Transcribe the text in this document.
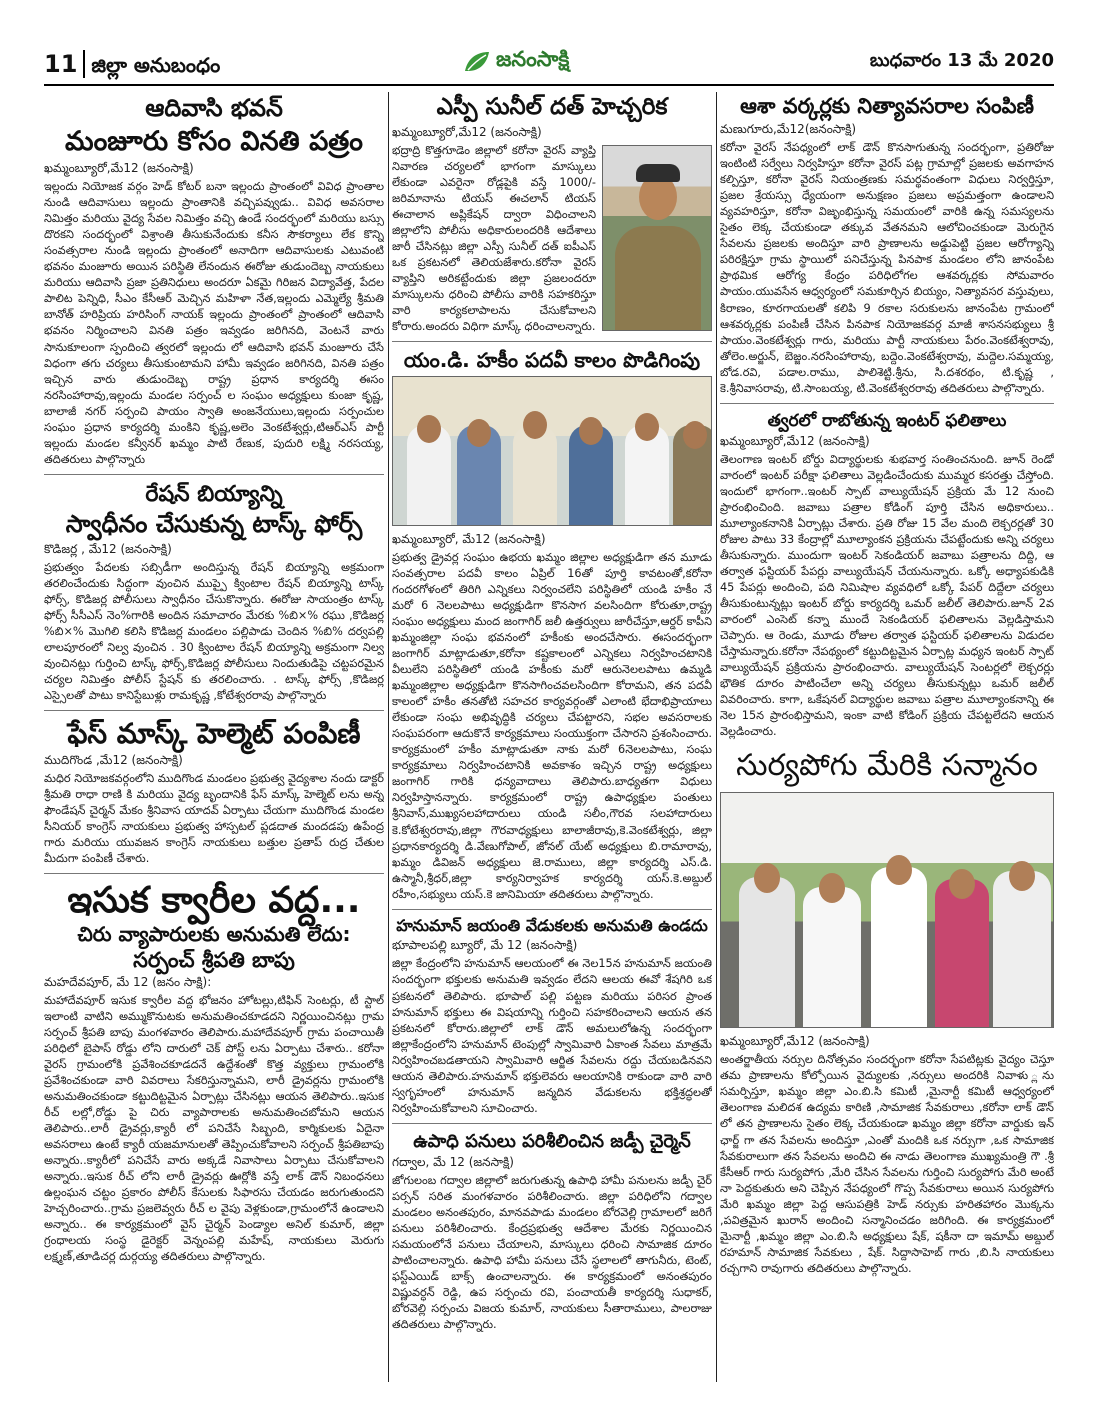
11 జిల్లా అనుబంధం	జనంసాక్షి	బుధవారం 13 మే 2020
ఆదివాసి భవన్
మంజూరు కోసం వినతి పత్రం
ఖమ్మంబ్యూరో,మే12 (జనంసాక్షి)
ఇల్లందు నియోజక వర్గం హెడ్ కోటర్ బనా ఇల్లందు ప్రాంతంలో వివిధ ప్రాంతాల నుండి ఆదివాసులు ఇల్లందు ప్రాంతానికి వచ్చిపవ్వుడు.. వివిధ అవసరాల నిమిత్తం మరియు వైద్య సేవల నిమిత్తం వచ్చి ఉండే సందర్భంలో మరియు బస్సు దొరకని సందర్భంలో విశ్రాంతి తీసుకునేందుకు కనీస సౌకర్యాలు లేక కొన్ని సంవత్సరాల నుండి ఇల్లందు ప్రాంతంలో అనాదిగా ఆదివాసులకు ఎటువంటి భవనం మంజూరు అయిన పరిస్థితి లేనందున ఈరోజు తుడుందెబ్బ నాయకులు మరియు ఆదివాసి ప్రజా ప్రతినిధులు అందరూ ఏకమై గిరిజన విద్యావేత్త, పేదల పాలిట పెన్నిధి, సీఎం కేసీఆర్ మెచ్చిన మహిళా నేత,ఇల్లందు ఎమ్మెల్యే శ్రీమతి బానోత్ హరిప్రియ హరిసింగ్ నాయక్ ఇల్లందు ప్రాంతంలో ప్రాంతంలో ఆదివాసి భవనం నిర్మించాలని వినతి పత్రం ఇవ్వడం జరిగినది, వెంటనే వారు సానుకూలంగా స్పందించి త్వరలో ఇల్లందు లో ఆదివాసి భవన్ మంజూరు చేసే విధంగా తగు చర్యలు తీసుకుంటామని హామీ ఇవ్వడం జరిగినది, వినతి పత్రం ఇచ్చిన వారు తుడుందెబ్బ రాష్ట్ర ప్రధాన కార్యదర్శి ఈసం నరసింహారావు,ఇల్లందు మండల సర్పంచ్ ల సంఘం అధ్యక్షులు కుంజా కృష్ణ, బాలాజీ నగర్ సర్పంచి పాయం స్వాతి అంజనేయులు,ఇల్లందు సర్పంచుల సంఘం ప్రధాన కార్యదర్శి మంకిని కృష్ణ,అలెం వెంకటేశ్వర్లు,టిఆర్ఎస్ పార్టీ ఇల్లందు మండల కన్వీనర్ ఖమ్మం పాటి రేణుక, పుదురి లక్ష్మి నరసయ్య, తదితరులు పాల్గొన్నారు
రేషన్ బియ్యాన్ని
స్వాధీనం చేసుకున్న టాస్క్ ఫోర్స్
కొడిజర్ల , మే12 (జనంసాక్షి)
ప్రభుత్వం పేదలకు సబ్సిడీగా అందిస్తున్న రేషన్ బియ్యాన్ని అక్రమంగా తరలించేందుకు సిద్ధంగా వుంచిన ముప్పై క్వింటాల రేషన్ బియ్యాన్ని టాస్క్ ఫోర్స్, కొడిజర్ల పోలీసులు స్వాధీనం చేసుకొన్నారు. ఈరోజు సాయంత్రం టాస్క్ ఫోర్స్ సీసీఎస్ నెం%గారికి అందిన సమాచారం మేరకు %బి×% రఘు ,కొడిజర్ల %బి×% మొగిలి కలిసి కొడిజర్ల మండలం పల్లిపాడు చెందిన %బి% దర్వపల్లి లాలపూరంలో నిల్వ వుంచిన . 30 క్వింటాల రేషన్ బియ్యాన్ని అక్రమంగా నిల్వ వుంచినట్లు గుర్తించి టాస్క్ ఫోర్స్,కొడిజర్ల పోలీసులు నిందుతుడిపై చట్టపరమైన చర్యల నిమిత్తం పోలీస్ స్టేషన్ కు తరలించారు. . టాస్క్ ఫోర్స్ ,కొడిజర్ల ఎస్సైలతో పాటు కానిస్టేబుళ్లు రామకృష్ణ ,కోటేశ్వరరావు పాల్గొన్నారు
ఫేస్ మాస్క్ హెల్మెట్ పంపిణీ
ముదిగొండ ,మే12 (జనంసాక్షి)
మధిర నియోజకవర్గంలోని ముదిగొండ మండలం ప్రభుత్వ వైద్యశాల నందు డాక్టర్ శ్రీమతి రాధా రాణి కి మరియు వైద్య బృందానికి ఫేస్ మాస్క్ హెల్మెట్ లను అన్న ఫౌండేషన్ చైర్మన్ మేకం శ్రీనివాస యాదవ్ ఏర్పాటు చేయగా ముదిగొండ మండల సీనియర్ కాంగ్రెస్ నాయకులు ప్రభుత్వ హాస్పటల్ ప్లడదాత మందడపు ఉపేంద్ర గారు మరియు యువజన కాంగ్రెస్ నాయకులు బత్తుల ప్రతాప్ రుద్ర చేతుల మీదుగా పంపిణీ చేశారు.
ఇసుక క్వారీల వద్ద...
చిరు వ్యాపారులకు అనుమతి లేదు:
సర్పంచ్ శ్రీపతి బాపు
మహదేవపూర్, మే 12 (జనం సాక్షి):
మహాదేవపూర్ ఇసుక క్వారీల వద్ద భోజనం హోటల్లు,టిఫిన్ సెంటర్లు, టీ స్టాల్ ఇలాంటి వాటిని అమ్ముకొనుటకు అనుమతించకూడదని నిర్ణయించినట్లు గ్రామ సర్పంచ్ శ్రీపతి బాపు మంగళవారం తెలిపారు.మహాదేవపూర్ గ్రామ పంచాయితీ పరిధిలో బైపాస్ రోడ్డు లోని దారులో చెక్ పోస్ట్ లను ఏర్పాటు చేశారు.. కరోనా వైరస్ గ్రామంలోకి ప్రవేశించకూడదనే ఉద్దేశంతో కొత్త వ్యక్తులు గ్రామంలోకి ప్రవేశించకుండా వారి వివరాలు సేకరిస్తున్నామని, లారీ డ్రైవర్లను గ్రామంలోకి అనుమతించకుండా కట్టుదిట్టమైన ఏర్పాట్లు చేసినట్లు ఆయన తెలిపారు..ఇసుక రీచ్ లల్లో,రోడ్డు పై చిరు వ్యాపారాలకు అనుమతించబోమని ఆయన తెలిపారు..లారీ డ్రైవర్లు,క్యారీ లో పనిచేసే సిబ్బంది, కార్మికులకు ఏదైనా అవసరాలు ఉంటే క్యారీ యజమానులతో తెప్పించుకోవాలని సర్పంచ్ శ్రీపతిబాపు అన్నారు..క్యారీలో పనిచేసే వారు అక్కడే నివాసాలు ఏర్పాటు చేసుకోవాలని అన్నారు..ఇసుక రీచ్ లోని లారీ డ్రైవర్లు ఊర్లోకి వస్తే లాక్ డౌన్ నిబంధనలు ఉల్లంఘన చట్టం ప్రకారం పోలీస్ కేసులకు సిఫారసు చేయడం జరుగుతుందని హెచ్చరించారు..గ్రామ ప్రజలెవ్వరు రీచ్ ల వైపు వెళ్లకుండా,గ్రామంలోనే ఉండాలని అన్నారు.. ఈ కార్యక్రమంలో వైస్ చైర్మన్ పెండ్యాల అనిల్ కుమార్, జిల్లా గ్రంధాలయ సంస్థ డైరెక్టర్ వెన్నంపల్లి మహేష్, నాయకులు మెరుగు లక్ష్మణ్,తూడిచర్ల దుర్గయ్య తదితరులు పాల్గొన్నారు.
ఎస్పీ సునీల్ దత్ హెచ్చరిక
ఖమ్మంబ్యూరో,మే12 (జనంసాక్షి)
భద్రాద్రి కొత్తగూడెం జిల్లాలో కరోనా వైరస్ వ్యాప్తి నివారణ చర్యలలో భాగంగా మాస్కులు లేకుండా ఎవరైనా రోడ్లపైకి వస్తే 1000/- జరిమానాను టియస్ ఈచలాన్ టియస్ ఈచాలాన అప్లికేషన్ ద్వారా విధించాలని జిల్లాలోని పోలీసు అధికారులందరికి ఆదేశాలు జారీ చేసినట్లు జిల్లా ఎస్పీ సునీల్ దత్ ఐపీఎస్ ఒక ప్రకటనలో తెలియజేశారు.కరోనా వైరస్ వ్యాప్తిని అరికట్టేందుకు జిల్లా ప్రజలందరూ మాస్కులను ధరించి పోలీసు వారికి సహకరిస్తూ వారి కార్యకలాపాలను చేసుకోవాలని కోరారు.అందరు విధిగా మాస్క్ ధరించాలన్నారు.
యం.డి. హకీం పదవీ కాలం పొడిగింపు
ఖమ్మంబ్యూరో, మే12 (జనంసాక్షి)
ప్రభుత్వ డ్రైవర్ల సంఘం ఉభయ ఖమ్మం జిల్లాల అధ్యక్షుడిగా తన మూడు సంవత్సరాల పదవీ కాలం ఏప్రిల్ 16తో పూర్తి కావటంతో,కరోనా గందరగోళంలో తిరిగి ఎన్నికలు నిర్వంచలేని పరిస్థితిలో యండి హకీం నే మరో 6 నెలలపాటు అధ్యక్షుడిగా కొనసాగ వలసిందిగా కోరుతూ,రాష్ట్ర సంఘం అధ్యక్షులు మంద జంగాగిర్ జలీ ఉత్తర్వులు జారీచేస్తూ,ఆర్డర్ కాపీని ఖమ్మంజిల్లా సంఘ భవనంలో హకీంకు అందచేసారు. ఈసందర్భంగా జంగాగిర్ మాట్లాడుతూ,కరోనా కష్టకాలంలో ఎన్నికలు నిర్వహించటానికి వీలులేని పరిస్థితిలో యండి హకీంకు మరో ఆరునెలలపాటు ఉమ్మడి ఖమ్మంజిల్లాల అధ్యక్షుడిగా కొనసాగించవలసిందిగా కోరామని, తన పదవీ కాలంలో హకీం తనతోటి సహచర కార్యవర్గంతో ఎలాంటి భేదాభిప్రాయాలు లేకుండా సంఘ అభివృద్ధికి చర్యలు చేపట్టారని, సభల అవసరాలకు సంఘపరంగా ఆదుకొనే కార్యక్రమాలు సంయుక్తంగా చేసారని ప్రశంసించారు. కార్యక్రమంలో హకీం మాట్లాడుతూ నాకు మరో 6నెలలపాటు, సంఘ కార్యక్రమాలు నిర్వహించటానికి అవకాశం ఇచ్చిన రాష్ట్ర అధ్యక్షులు జంగాగిర్ గారికి ధన్యవాదాలు తెలిపారు.బాధ్యతగా విధులు నిర్వహిస్తానన్నారు. కార్యక్రమంలో రాష్ట్ర ఉపాధ్యక్షుల పంతులు శ్రీనివాస్,ముఖ్యసలహాదారులు యండి సలీం,గౌరవ సలహాదారులు కె.కోటేశ్వరరావు,జిల్లా గౌరవాధ్యక్షులు బాలాజీరావు,కె.వెంకటేశ్వర్లు, జిల్లా ప్రధానకార్యదర్శి డి.వేణుగోపాల్, జోనల్ యేట్ అధ్యక్షులు బి.రామారావు, ఖమ్మం డివిజన్ అధ్యక్షులు జె.రాములు, జిల్లా కార్యదర్శి ఎస్.డి. ఉస్మానీ,శ్రీధర్,జిల్లా కార్యనిర్వాహక కార్యదర్శి యస్.కె.అబ్దుల్ రహీం,సభ్యులు యస్.కె జానిమియా తదితరులు పాల్గొన్నారు.
హనుమాన్ జయంతి వేడుకలకు అనుమతి ఉండదు
భూపాలపల్లి బ్యూరో, మే 12 (జనంసాక్షి)
జిల్లా కేంద్రంలోని హనుమాన్ ఆలయంలో ఈ నెల15న హనుమాన్ జయంతి సందర్భంగా భక్తులకు అనుమతి ఇవ్వడం లేదని ఆలయ ఈవో శేషగిరి ఒక ప్రకటనలో తెలిపారు. భూపాల్ పల్లి పట్టణ మరియు పరిసర ప్రాంత హనుమాన్ భక్తులు ఈ విషయాన్ని గుర్తించి సహకరించాలని ఆయన తన ప్రకటనలో కోరారు.జిల్లాలో లాక్ డౌన్ అమలులోఉన్న సందర్భంగా జిల్లాకేంద్రంలోని హనుమాన్ టెంపుల్లో స్వామివారి ఏకాంత సేవలు మాత్రమే నిర్వహించబడతాయని స్వామివారి ఆర్జిత సేవలను రద్దు చేయబడినవని ఆయన తెలిపారు.హనుమాన్ భక్తులెవరు ఆలయానికి రాకుండా వారి వారి స్వగృహంలో హనుమాన్ జన్మదిన వేడుకలను భక్తిశ్రద్ధలతో నిర్వహించుకోవాలని సూచించారు.
ఉపాధి పనులు పరిశీలించిన జడ్పీ చైర్మెన్
గద్వాల, మే 12 (జనసాక్షి)
జోగులంబ గద్వాల జిల్లాలో జరుగుతున్న ఉపాధి హామీ పనులను జడ్పీ చైర్ పర్సన్ సరిత మంగళవారం పరిశీలించారు. జిల్లా పరిధిలోని గద్వాల మండలం అనంతపురం, మానవపాడు మండలం బోరవెల్లి గ్రామాలలో జరిగే పనులు పరిశీలించారు. కేంద్రప్రభుత్వ ఆదేశాల మేరకు నిర్ణయించిన సమయంలోనే పనులు చేయాలని, మాస్కులు ధరించి సామాజిక దూరం పాటించాలన్నారు. ఉపాధి హామీ పనులు చేసే స్థలాలలో తాగునీరు, టెంట్, ఫస్ట్ఎయిడ్ బాక్స్ ఉంచాలన్నారు. ఈ కార్యక్రమంలో అనంతపురం విష్ణువర్ధన్ రెడ్డి, ఉప సర్పంచు రవి, పంచాయతీ కార్యదర్శి సుధాకర్, బోరవెల్లి సర్పంచు విజయ కుమార్, నాయకులు సీతారాములు, పాలరాజు తదితరులు పాల్గొన్నారు.
ఆశా వర్కర్లకు నిత్యావసరాల సంపిణీ
మణుగూరు,మే12(జనంసాక్షి)
కరోనా వైరస్ నేపధ్యంలో లాక్ డౌన్ కొనసాగుతున్న సందర్భంగా, ప్రతిరోజు ఇంటింటి సర్వేలు నిర్వహిస్తూ కరోనా వైరస్ పట్ల గ్రామాల్లో ప్రజలకు అవగాహన కల్పిస్తూ, కరోనా వైరస్ నియంత్రణకు సమర్థవంతంగా విధులు నిర్వర్తిస్తూ, ప్రజల శ్రేయస్సు ధ్యేయంగా అనుక్షణం ప్రజలు అప్రమత్తంగా ఉండాలని వ్యవహరిస్తూ, కరోనా విజృంభిస్తున్న సమయంలో వారికి ఉన్న సమస్యలను సైతం లెక్క చేయకుండా తక్కువ వేతనమని ఆలోచించకుండా మెరుగైన సేవలను ప్రజలకు అందిస్తూ వారి ప్రాణాలను అడ్డుపెట్టి ప్రజల ఆరోగ్యాన్ని పరిరక్షిస్తూ గ్రామ స్థాయిలో పనిచేస్తున్న పినపాక మండలం లోని జానంపేట ప్రాథమిక ఆరోగ్య కేంద్రం పరిధిలోగల ఆశవర్కర్లకు సోమవారం పాయం.యువసేన ఆధ్వర్యంలో సమకూర్చిన బియ్యం, నిత్యావసర వస్తువులు, కిరాణం, కూరగాయలతో కలిపి 9 రకాల సరుకులను జానంపేట గ్రామంలో ఆశవర్కర్లకు పంపిణీ చేసిన పినపాక నియోజకవర్గ మాజీ శాసనసభ్యులు శ్రీ పాయం.వెంకటేశ్వర్లు గారు, మరియు పార్టీ నాయకులు పేరం.వెంకటేశ్వరావు, తోలెం.అర్జున్, బెజ్జం.నరసింహారావు, బద్దెం.వెంకటేశ్వరావు, మద్దెల.సమ్మయ్య, బోడ.రవి, పడాల.రాము, పాలిశెట్టి.శ్రీను, సి.దశరథం, టి.కృష్ణ , కె.శ్రీనివాసరావు, టి.సాంబయ్య, టి.వెంకటేశ్వరరావు తదితరులు పాల్గొన్నారు.
త్వరలో రాబోతున్న ఇంటర్ ఫలితాలు
ఖమ్మంబ్యూరో,మే12 (జనంసాక్షి)
తెలంగాణ ఇంటర్ బోర్డు విద్యార్థులకు శుభవార్త సంతించనుంది. జూన్ రెండో వారంలో ఇంటర్ పరీక్షా ఫలితాలు వెల్లడించేందుకు ముమ్మర కసరత్తు చేస్తోంది. ఇందులో భాగంగా..ఇంటర్ స్పాట్ వాల్యుయేషన్ ప్రక్రియ మే 12 నుంచి ప్రారంభించింది. జవాబు పత్రాల కోడింగ్ పూర్తి చేసిన అధికారులు.. మూల్యాంకనానికి ఏర్పాట్లు చేశారు. ప్రతి రోజు 15 వేల మంది లెక్చరర్లతో 30 రోజుల పాటు 33 కేంద్రాల్లో మూల్యాంకన ప్రక్రియను చేపట్టేందుకు అన్ని చర్యలు తీసుకున్నారు. ముందుగా ఇంటర్ సెకండియర్ జవాబు పత్రాలను దిద్ది, ఆ తర్వాత ఫస్టియర్ పేపర్లు వాల్యుయేషన్ చేయనున్నారు. ఒక్కో అధ్యాపకుడికి 45 పేపర్లు అందించి, పది నిమిషాల వ్యవధిలో ఒక్కో పేపర్ దిద్దేలా చర్యలు తీసుకుంటున్నట్లు ఇంటర్ బోర్డు కార్యదర్శి ఒమర్ జలీల్ తెలిపారు.జూన్ 2వ వారంలో ఎంసెట్ కన్నా ముందే సెకండియర్ ఫలితాలను వెల్లడిస్తామని చెప్పారు. ఆ రెండు, మూడు రోజుల తర్వాత ఫస్టియర్ ఫలితాలను విడుదల చేస్తామన్నారు.కరోనా నేపథ్యంలో కట్టుదిట్టమైన ఏర్పాట్ల మధ్యన ఇంటర్ స్పాట్ వాల్యుయేషన్ ప్రక్రియను ప్రారంభించారు. వాల్యుయేషన్ సెంటర్లలో లెక్చరర్లు భౌతిక దూరం పాటించేలా అన్ని చర్యలు తీసుకున్నట్లు ఒమర్ జలీల్ వివరించారు. కాగా, ఒకేషనల్ విద్యార్థుల జవాబు పత్రాల మూల్యాంకనాన్ని ఈ నెల 15న ప్రారంభిస్తామని, ఇంకా వాటి కోడింగ్ ప్రక్రియ చేపట్టలేదని ఆయన వెల్లడించారు.
సుర్యపోగు మేరికి సన్మానం
ఖమ్మంబ్యూరో,మే12 (జనంసాక్షి)
అంతర్జాతీయ నర్సుల దినోత్సవం సందర్భంగా కరోనా సేపటిట్లకు వైద్యం చెస్తూ తమ ప్రాణాలను కోల్పోయిన వైద్యులకు ,నర్సులు అందరికి నివాళు ్లను సమర్పిస్తూ, ఖమ్మం జిల్లా ఎం.బి.సి కమిటీ ,మైనార్టీ కమిటీ ఆధ్వర్యంలో తెలంగాణ మలిదశ ఉద్యమ కారిణి ,సామాజిక సేవకురాలు ,కరోనా లాక్ డౌన్ లో తన ప్రాణాలను సైతం లెక్క చేయకుండా ఖమ్మం జిల్లా కరోనా వార్డుకు ఇన్ ఛార్జ్ గా తన సేవలను అందిస్తూ ,ఎంతో మందికి ఒక నర్సుగా ,ఒక సామాజిక సేవకురాలుగా తన సేవలను అందిచి ఈ నాడు తెలంగాణ ముఖ్యమంత్రి గౌ .శ్రీ కేసీఆర్ గారు సుర్యపోగు ,మేరి చేసిన సేవలను గుర్తించి సుర్యపోగు మేరి అంటే నా పెద్దకుతురు అని చెప్పిన నేపధ్యంలో గొప్ప సేవకురాలు అయిన సుర్యపోగు మేరి ఖమ్మం జిల్లా పెద్ద ఆసుపత్రికి హెడ్ నర్సుకు హరితహారం మొక్కను ,పవిత్రమైన ఖురాన్ అందించి సన్మానించడం జరిగింది. ఈ కార్యక్రమంలో మైనార్టీ ,ఖమ్మం జిల్లా ఎం.బి.సి అధ్యక్షులు షేక్, షకీనా దా ఇమామ్ అబ్దుల్ రహమాన్ సామాజిక సేవకులు , షేక్. సిద్దాసాహెబ్ గారు ,బి.సి నాయకులు రచ్చగాని రావుగారు తదితరులు పాల్గొన్నారు.
